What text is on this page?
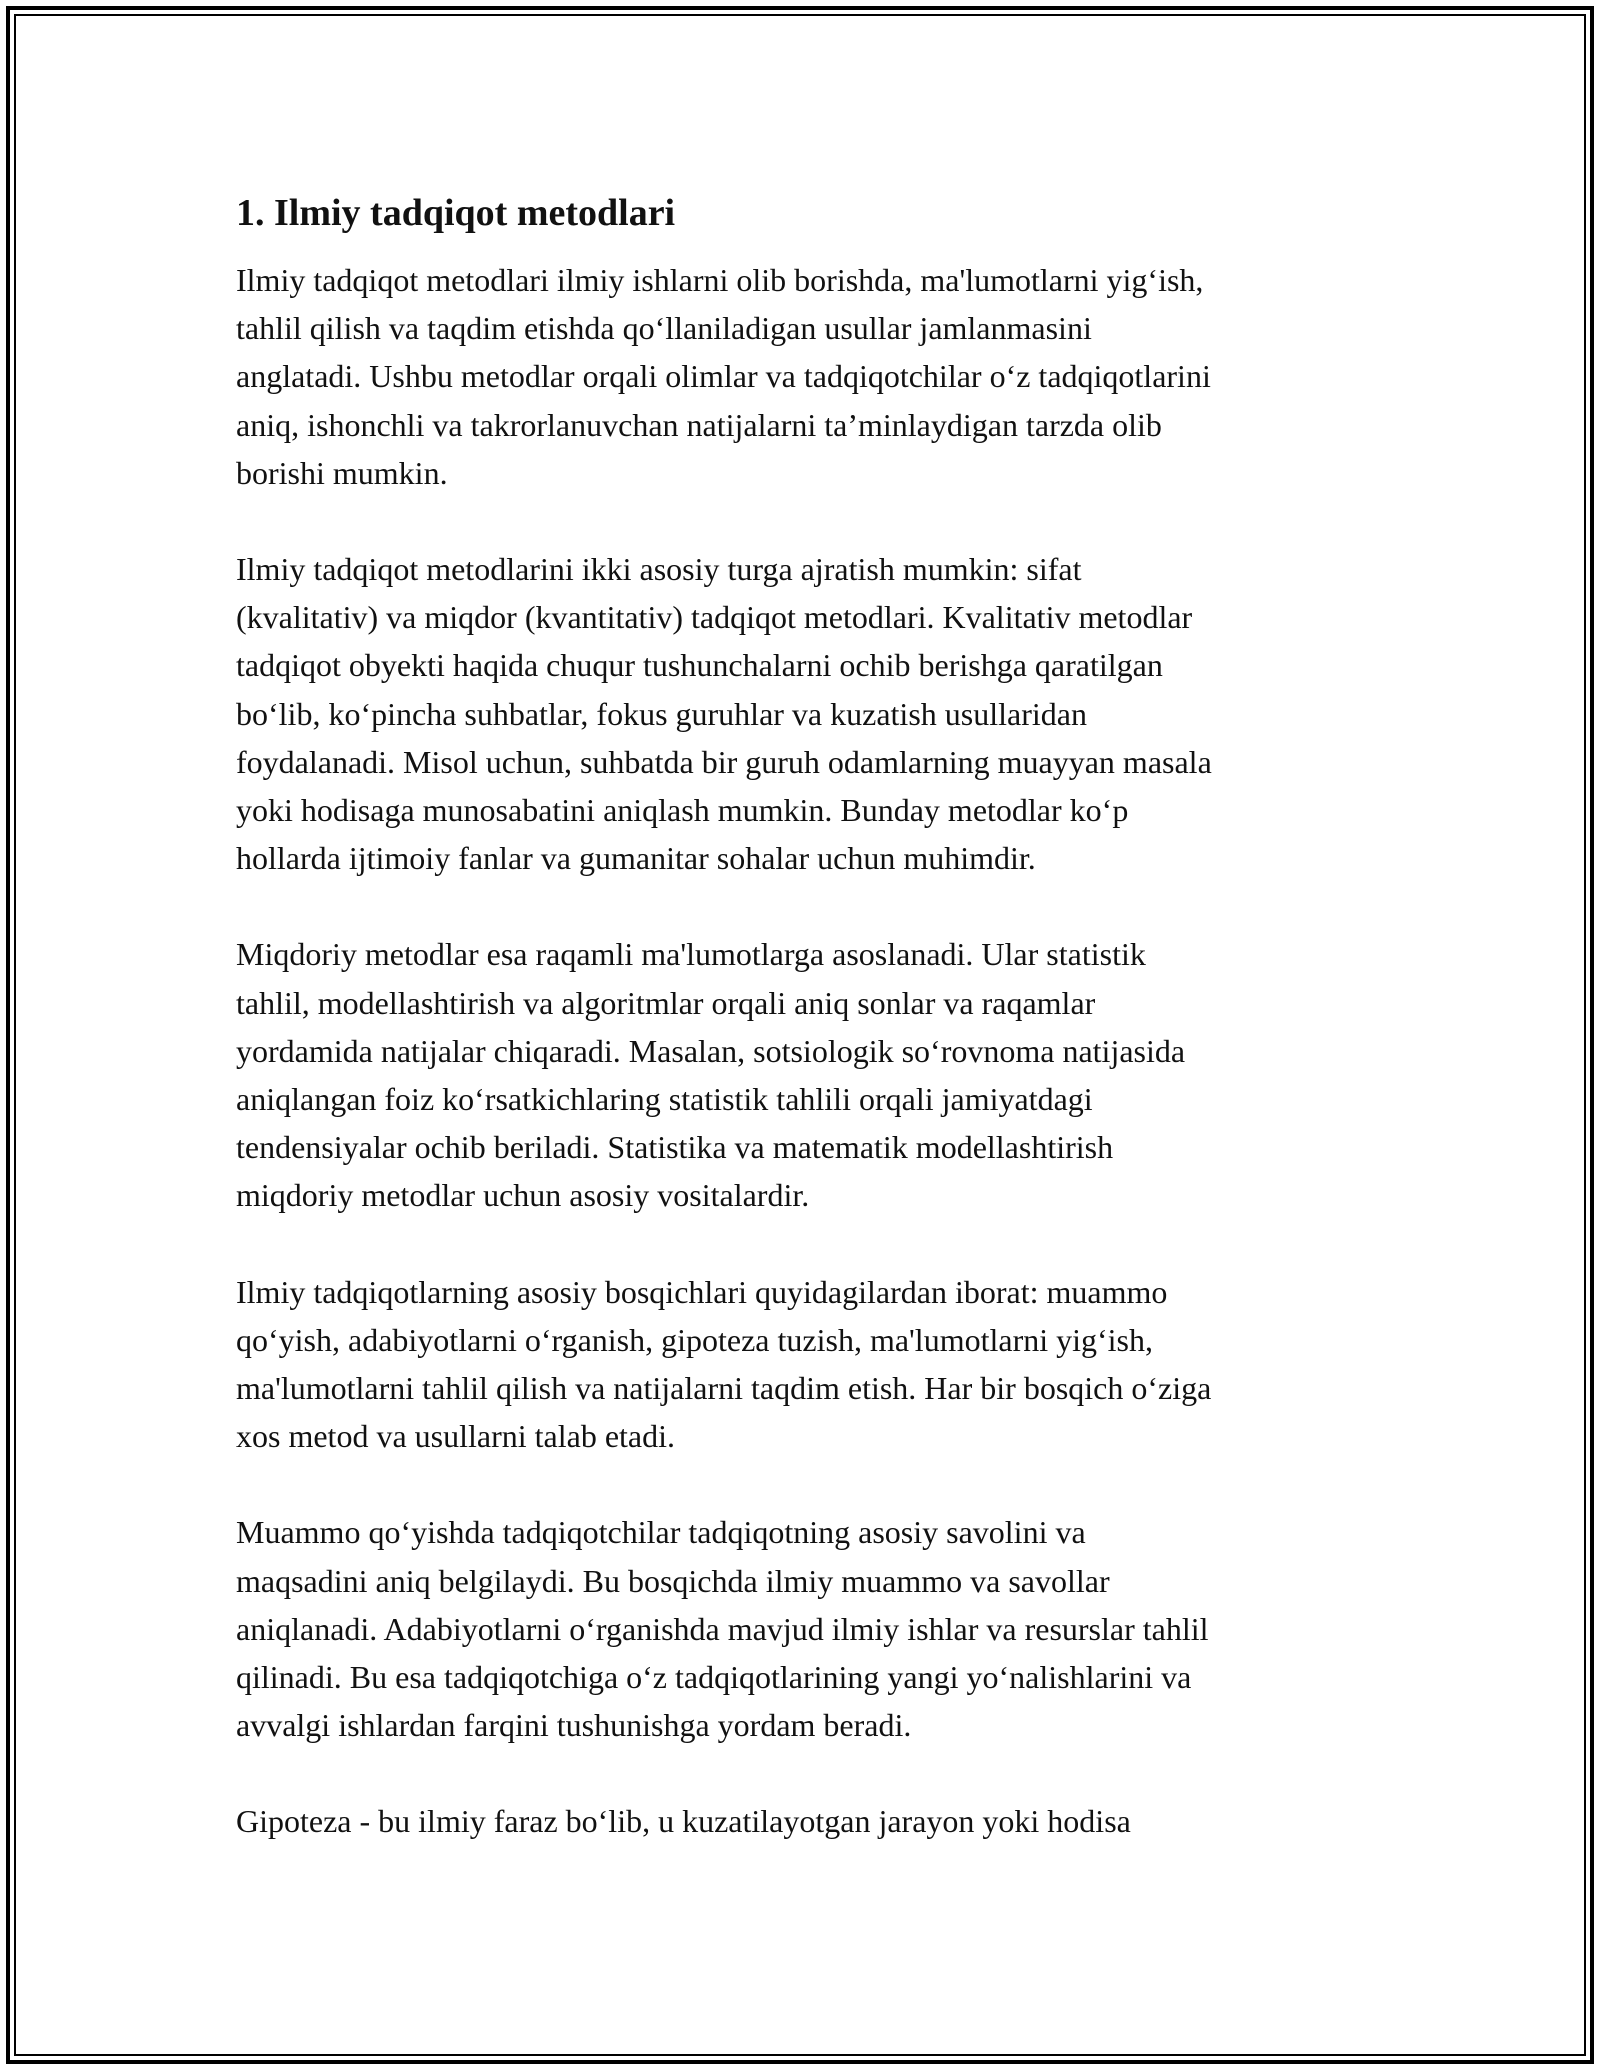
1. Ilmiy tadqiqot metodlari

Ilmiy tadqiqot metodlari ilmiy ishlarni olib borishda, ma'lumotlarni yig‘ish,
tahlil qilish va taqdim etishda qo‘llaniladigan usullar jamlanmasini
anglatadi. Ushbu metodlar orqali olimlar va tadqiqotchilar o‘z tadqiqotlarini
aniq, ishonchli va takrorlanuvchan natijalarni ta’minlaydigan tarzda olib
borishi mumkin.

Ilmiy tadqiqot metodlarini ikki asosiy turga ajratish mumkin: sifat
(kvalitativ) va miqdor (kvantitativ) tadqiqot metodlari. Kvalitativ metodlar
tadqiqot obyekti haqida chuqur tushunchalarni ochib berishga qaratilgan
bo‘lib, ko‘pincha suhbatlar, fokus guruhlar va kuzatish usullaridan
foydalanadi. Misol uchun, suhbatda bir guruh odamlarning muayyan masala
yoki hodisaga munosabatini aniqlash mumkin. Bunday metodlar ko‘p
hollarda ijtimoiy fanlar va gumanitar sohalar uchun muhimdir.

Miqdoriy metodlar esa raqamli ma'lumotlarga asoslanadi. Ular statistik
tahlil, modellashtirish va algoritmlar orqali aniq sonlar va raqamlar
yordamida natijalar chiqaradi. Masalan, sotsiologik so‘rovnoma natijasida
aniqlangan foiz ko‘rsatkichlaring statistik tahlili orqali jamiyatdagi
tendensiyalar ochib beriladi. Statistika va matematik modellashtirish
miqdoriy metodlar uchun asosiy vositalardir.

Ilmiy tadqiqotlarning asosiy bosqichlari quyidagilardan iborat: muammo
qo‘yish, adabiyotlarni o‘rganish, gipoteza tuzish, ma'lumotlarni yig‘ish,
ma'lumotlarni tahlil qilish va natijalarni taqdim etish. Har bir bosqich o‘ziga
xos metod va usullarni talab etadi.

Muammo qo‘yishda tadqiqotchilar tadqiqotning asosiy savolini va
maqsadini aniq belgilaydi. Bu bosqichda ilmiy muammo va savollar
aniqlanadi. Adabiyotlarni o‘rganishda mavjud ilmiy ishlar va resurslar tahlil
qilinadi. Bu esa tadqiqotchiga o‘z tadqiqotlarining yangi yo‘nalishlarini va
avvalgi ishlardan farqini tushunishga yordam beradi.

Gipoteza - bu ilmiy faraz bo‘lib, u kuzatilayotgan jarayon yoki hodisa
